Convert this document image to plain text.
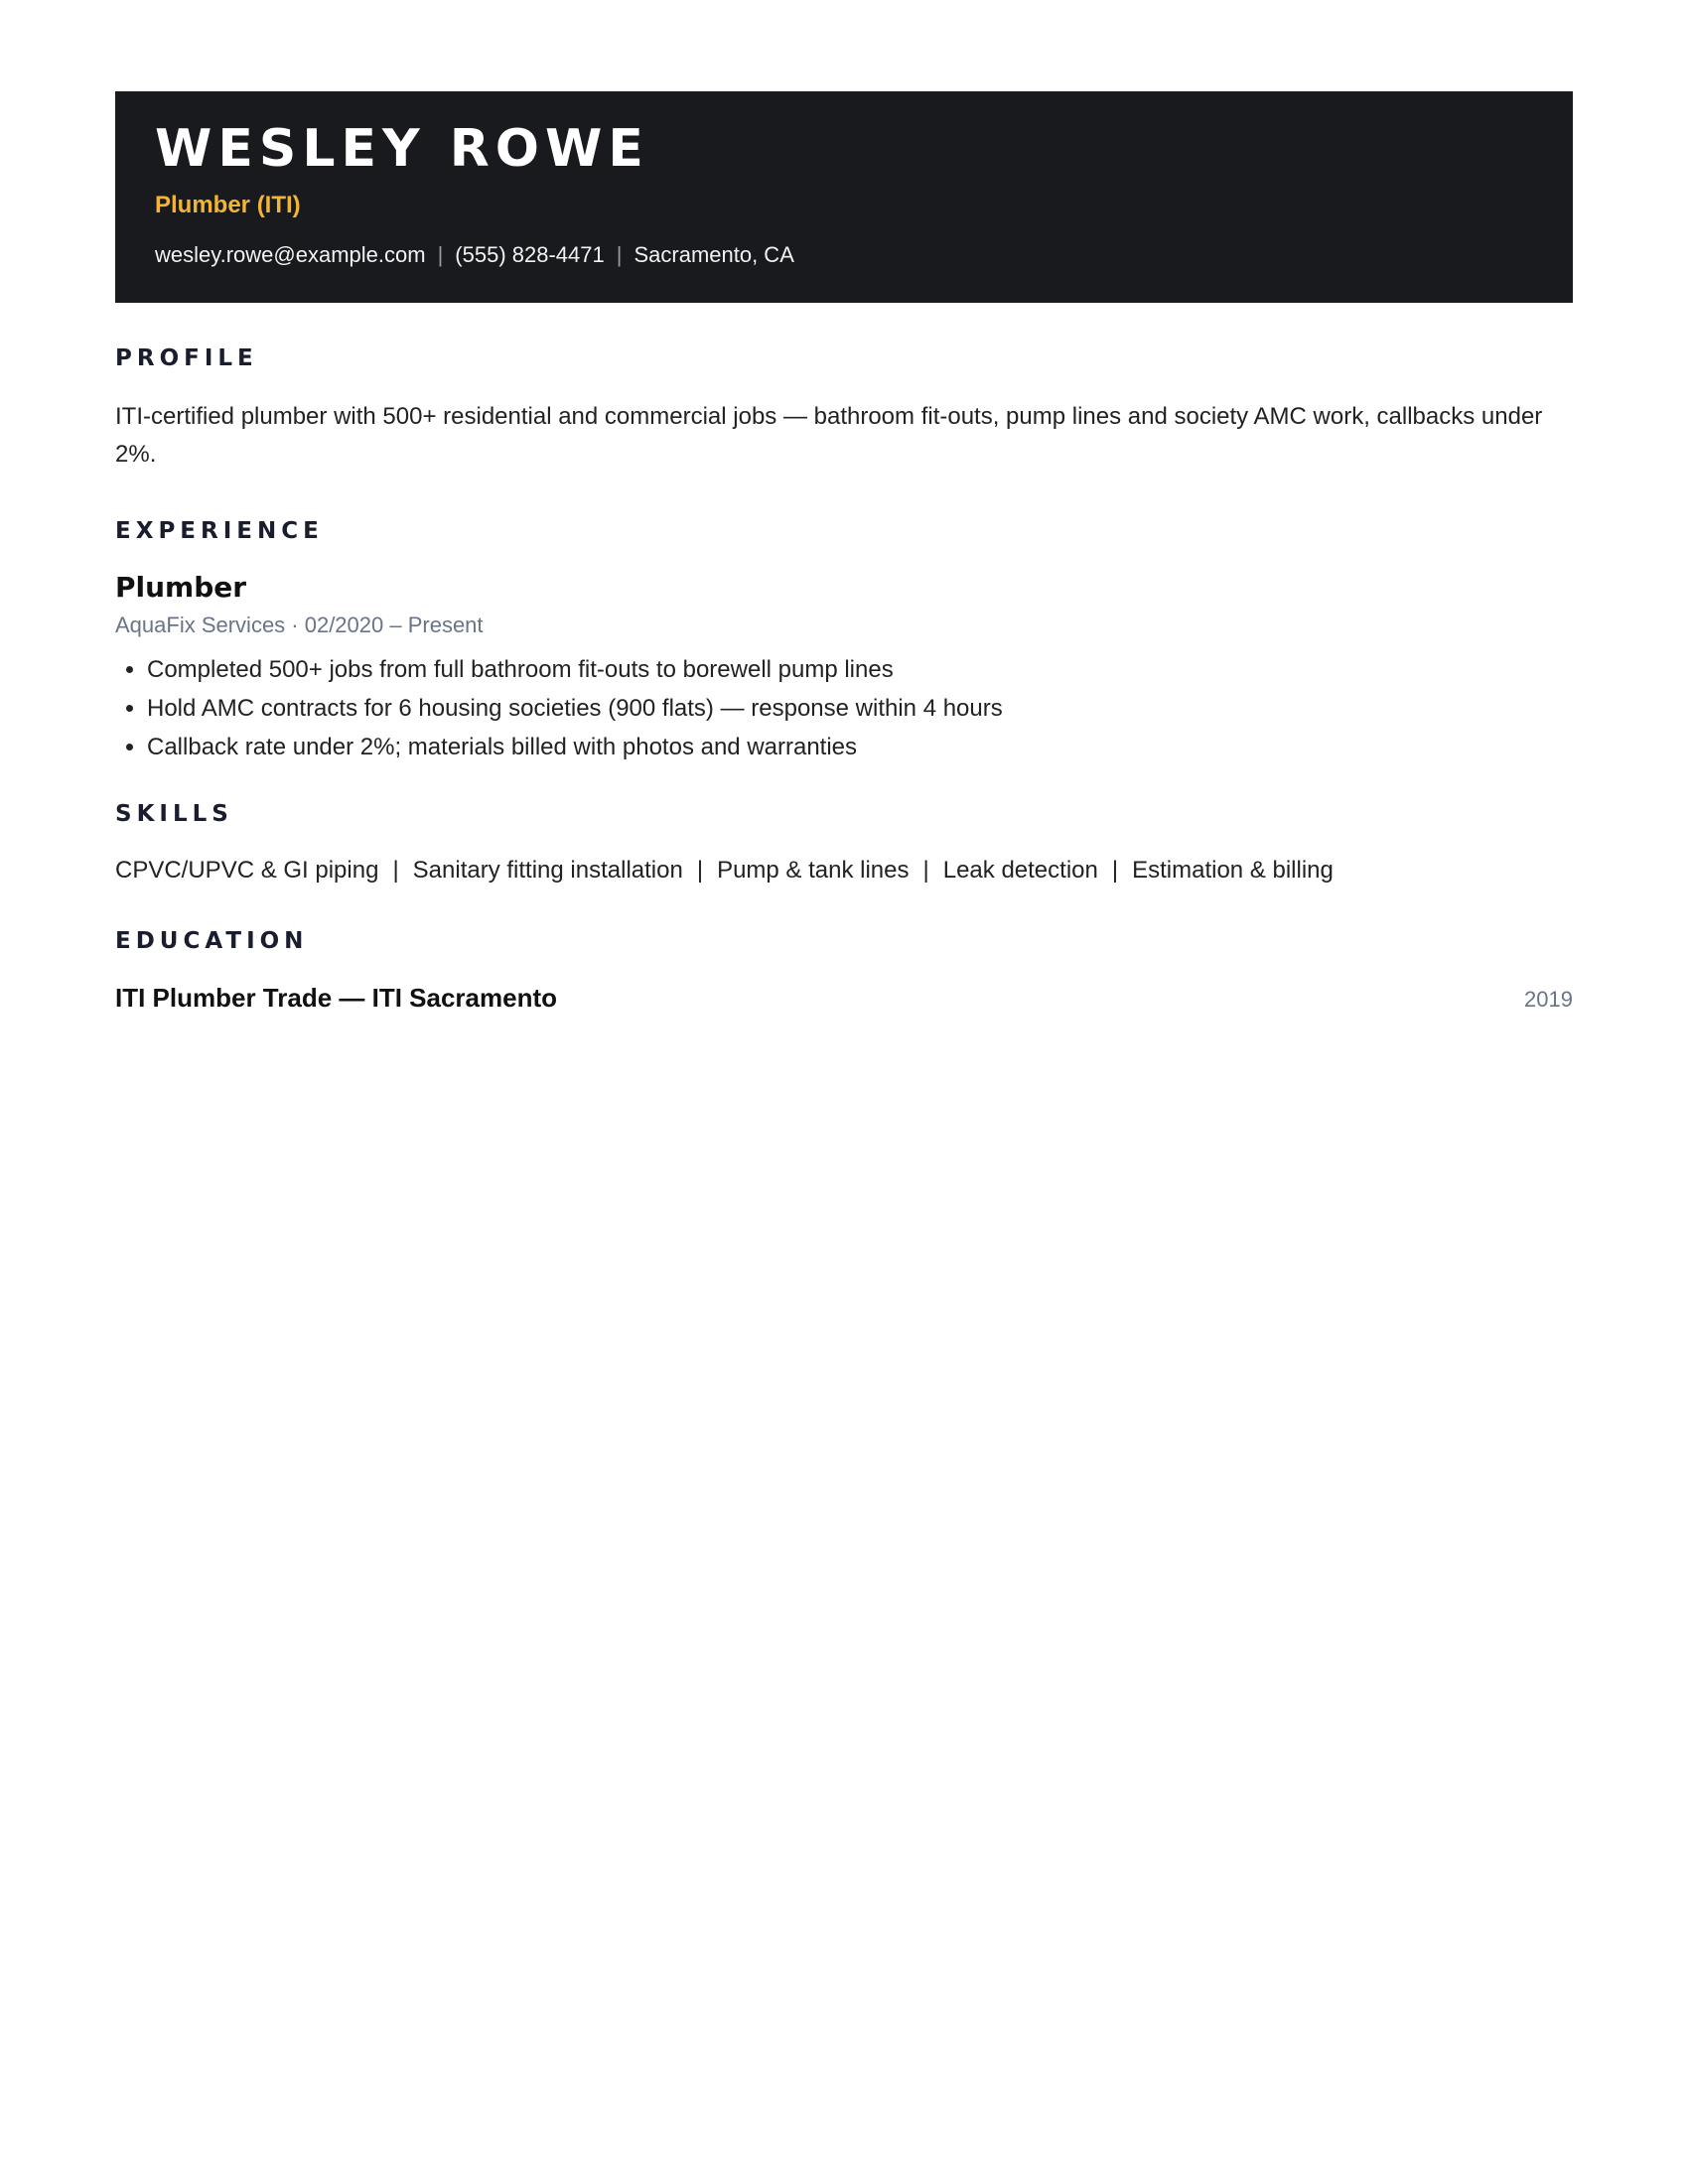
WESLEY ROWE
Plumber (ITI)
wesley.rowe@example.com | (555) 828-4471 | Sacramento, CA
PROFILE
ITI-certified plumber with 500+ residential and commercial jobs — bathroom fit-outs, pump lines and society AMC work, callbacks under 2%.
EXPERIENCE
Plumber
AquaFix Services · 02/2020 – Present
• Completed 500+ jobs from full bathroom fit-outs to borewell pump lines
• Hold AMC contracts for 6 housing societies (900 flats) — response within 4 hours
• Callback rate under 2%; materials billed with photos and warranties
SKILLS
CPVC/UPVC & GI piping | Sanitary fitting installation | Pump & tank lines | Leak detection | Estimation & billing
EDUCATION
ITI Plumber Trade — ITI Sacramento	2019
